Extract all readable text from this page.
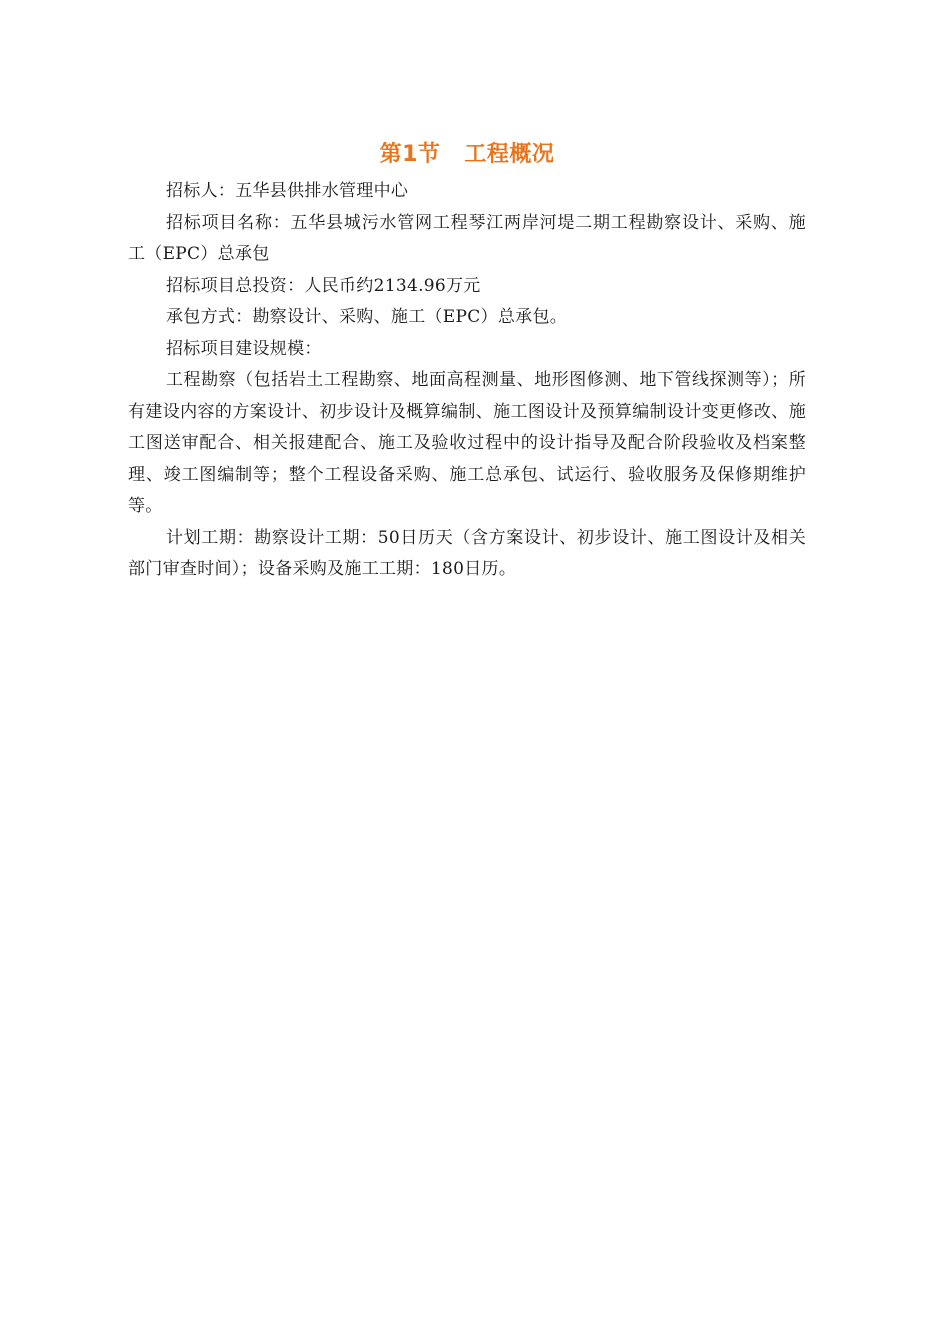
第1节 工程概况

招标人：五华县供排水管理中心

招标项目名称：五华县城污水管网工程琴江两岸河堤二期工程勘察设计、采购、施工（EPC）总承包

招标项目总投资：人民币约2134.96万元

承包方式：勘察设计、采购、施工（EPC）总承包。

招标项目建设规模：

工程勘察（包括岩土工程勘察、地面高程测量、地形图修测、地下管线探测等）；所有建设内容的方案设计、初步设计及概算编制、施工图设计及预算编制设计变更修改、施工图送审配合、相关报建配合、施工及验收过程中的设计指导及配合阶段验收及档案整理、竣工图编制等；整个工程设备采购、施工总承包、试运行、验收服务及保修期维护等。

计划工期：勘察设计工期：50日历天（含方案设计、初步设计、施工图设计及相关部门审查时间）；设备采购及施工工期：180日历。
